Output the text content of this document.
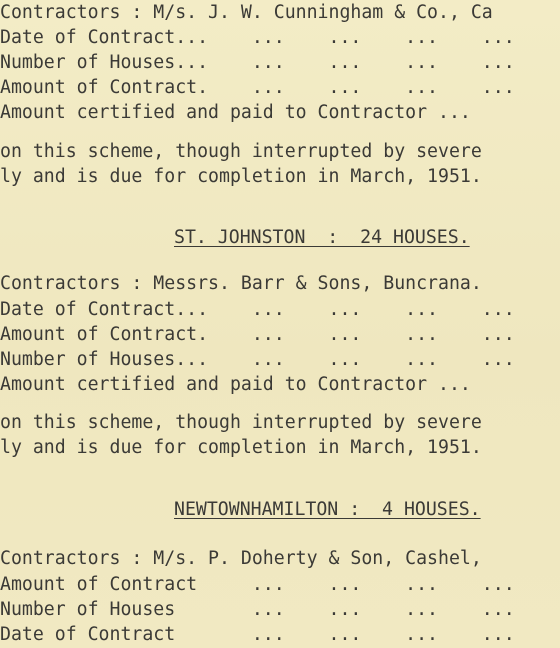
Contractors : M/s. J. W. Cunningham & Co., Ca
Date of Contract...    ...    ...    ...    ...
Number of Houses...    ...    ...    ...    ...
Amount of Contract.    ...    ...    ...    ...
Amount certified and paid to Contractor ...
on this scheme, though interrupted by severe
ly and is due for completion in March, 1951.
ST. JOHNSTON  :  24 HOUSES.
Contractors : Messrs. Barr & Sons, Buncrana.
Date of Contract...    ...    ...    ...    ...
Amount of Contract.    ...    ...    ...    ...
Number of Houses...    ...    ...    ...    ...
Amount certified and paid to Contractor ...
on this scheme, though interrupted by severe
ly and is due for completion in March, 1951.
NEWTOWNHAMILTON :  4 HOUSES.
Contractors : M/s. P. Doherty & Son, Cashel,
Amount of Contract     ...    ...    ...    ...
Number of Houses       ...    ...    ...    ...
Date of Contract       ...    ...    ...    ...
